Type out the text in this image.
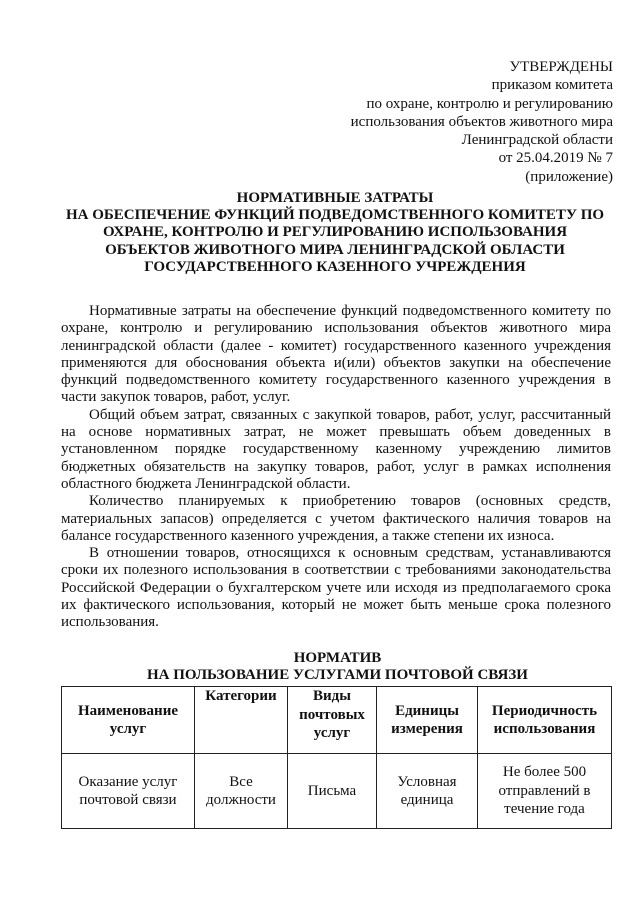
УТВЕРЖДЕНЫ
приказом комитета
по охране, контролю и регулированию
использования объектов животного мира
Ленинградской области
от 25.04.2019 № 7
(приложение)
НОРМАТИВНЫЕ ЗАТРАТЫ
НА ОБЕСПЕЧЕНИЕ ФУНКЦИЙ ПОДВЕДОМСТВЕННОГО КОМИТЕТУ ПО
ОХРАНЕ, КОНТРОЛЮ И РЕГУЛИРОВАНИЮ ИСПОЛЬЗОВАНИЯ
ОБЪЕКТОВ ЖИВОТНОГО МИРА ЛЕНИНГРАДСКОЙ ОБЛАСТИ
ГОСУДАРСТВЕННОГО КАЗЕННОГО УЧРЕЖДЕНИЯ

Нормативные затраты на обеспечение функций подведомственного комитету по охране, контролю и регулированию использования объектов животного мира ленинградской области (далее - комитет) государственного казенного учреждения применяются для обоснования объекта и(или) объектов закупки на обеспечение функций подведомственного комитету государственного казенного учреждения в части закупок товаров, работ, услуг.

Общий объем затрат, связанных с закупкой товаров, работ, услуг, рассчитанный на основе нормативных затрат, не может превышать объем доведенных в установленном порядке государственному казенному учреждению лимитов бюджетных обязательств на закупку товаров, работ, услуг в рамках исполнения областного бюджета Ленинградской области.

Количество планируемых к приобретению товаров (основных средств, материальных запасов) определяется с учетом фактического наличия товаров на балансе государственного казенного учреждения, а также степени их износа.

В отношении товаров, относящихся к основным средствам, устанавливаются сроки их полезного использования в соответствии с требованиями законодательства Российской Федерации о бухгалтерском учете или исходя из предполагаемого срока их фактического использования, который не может быть меньше срока полезного использования.

НОРМАТИВ
НА ПОЛЬЗОВАНИЕ УСЛУГАМИ ПОЧТОВОЙ СВЯЗИ
Наименование услуг	Категории	Виды почтовых услуг	Единицы измерения	Периодичность использования
Оказание услуг почтовой связи	Все должности	Письма	Условная единица	Не более 500 отправлений в течение года
